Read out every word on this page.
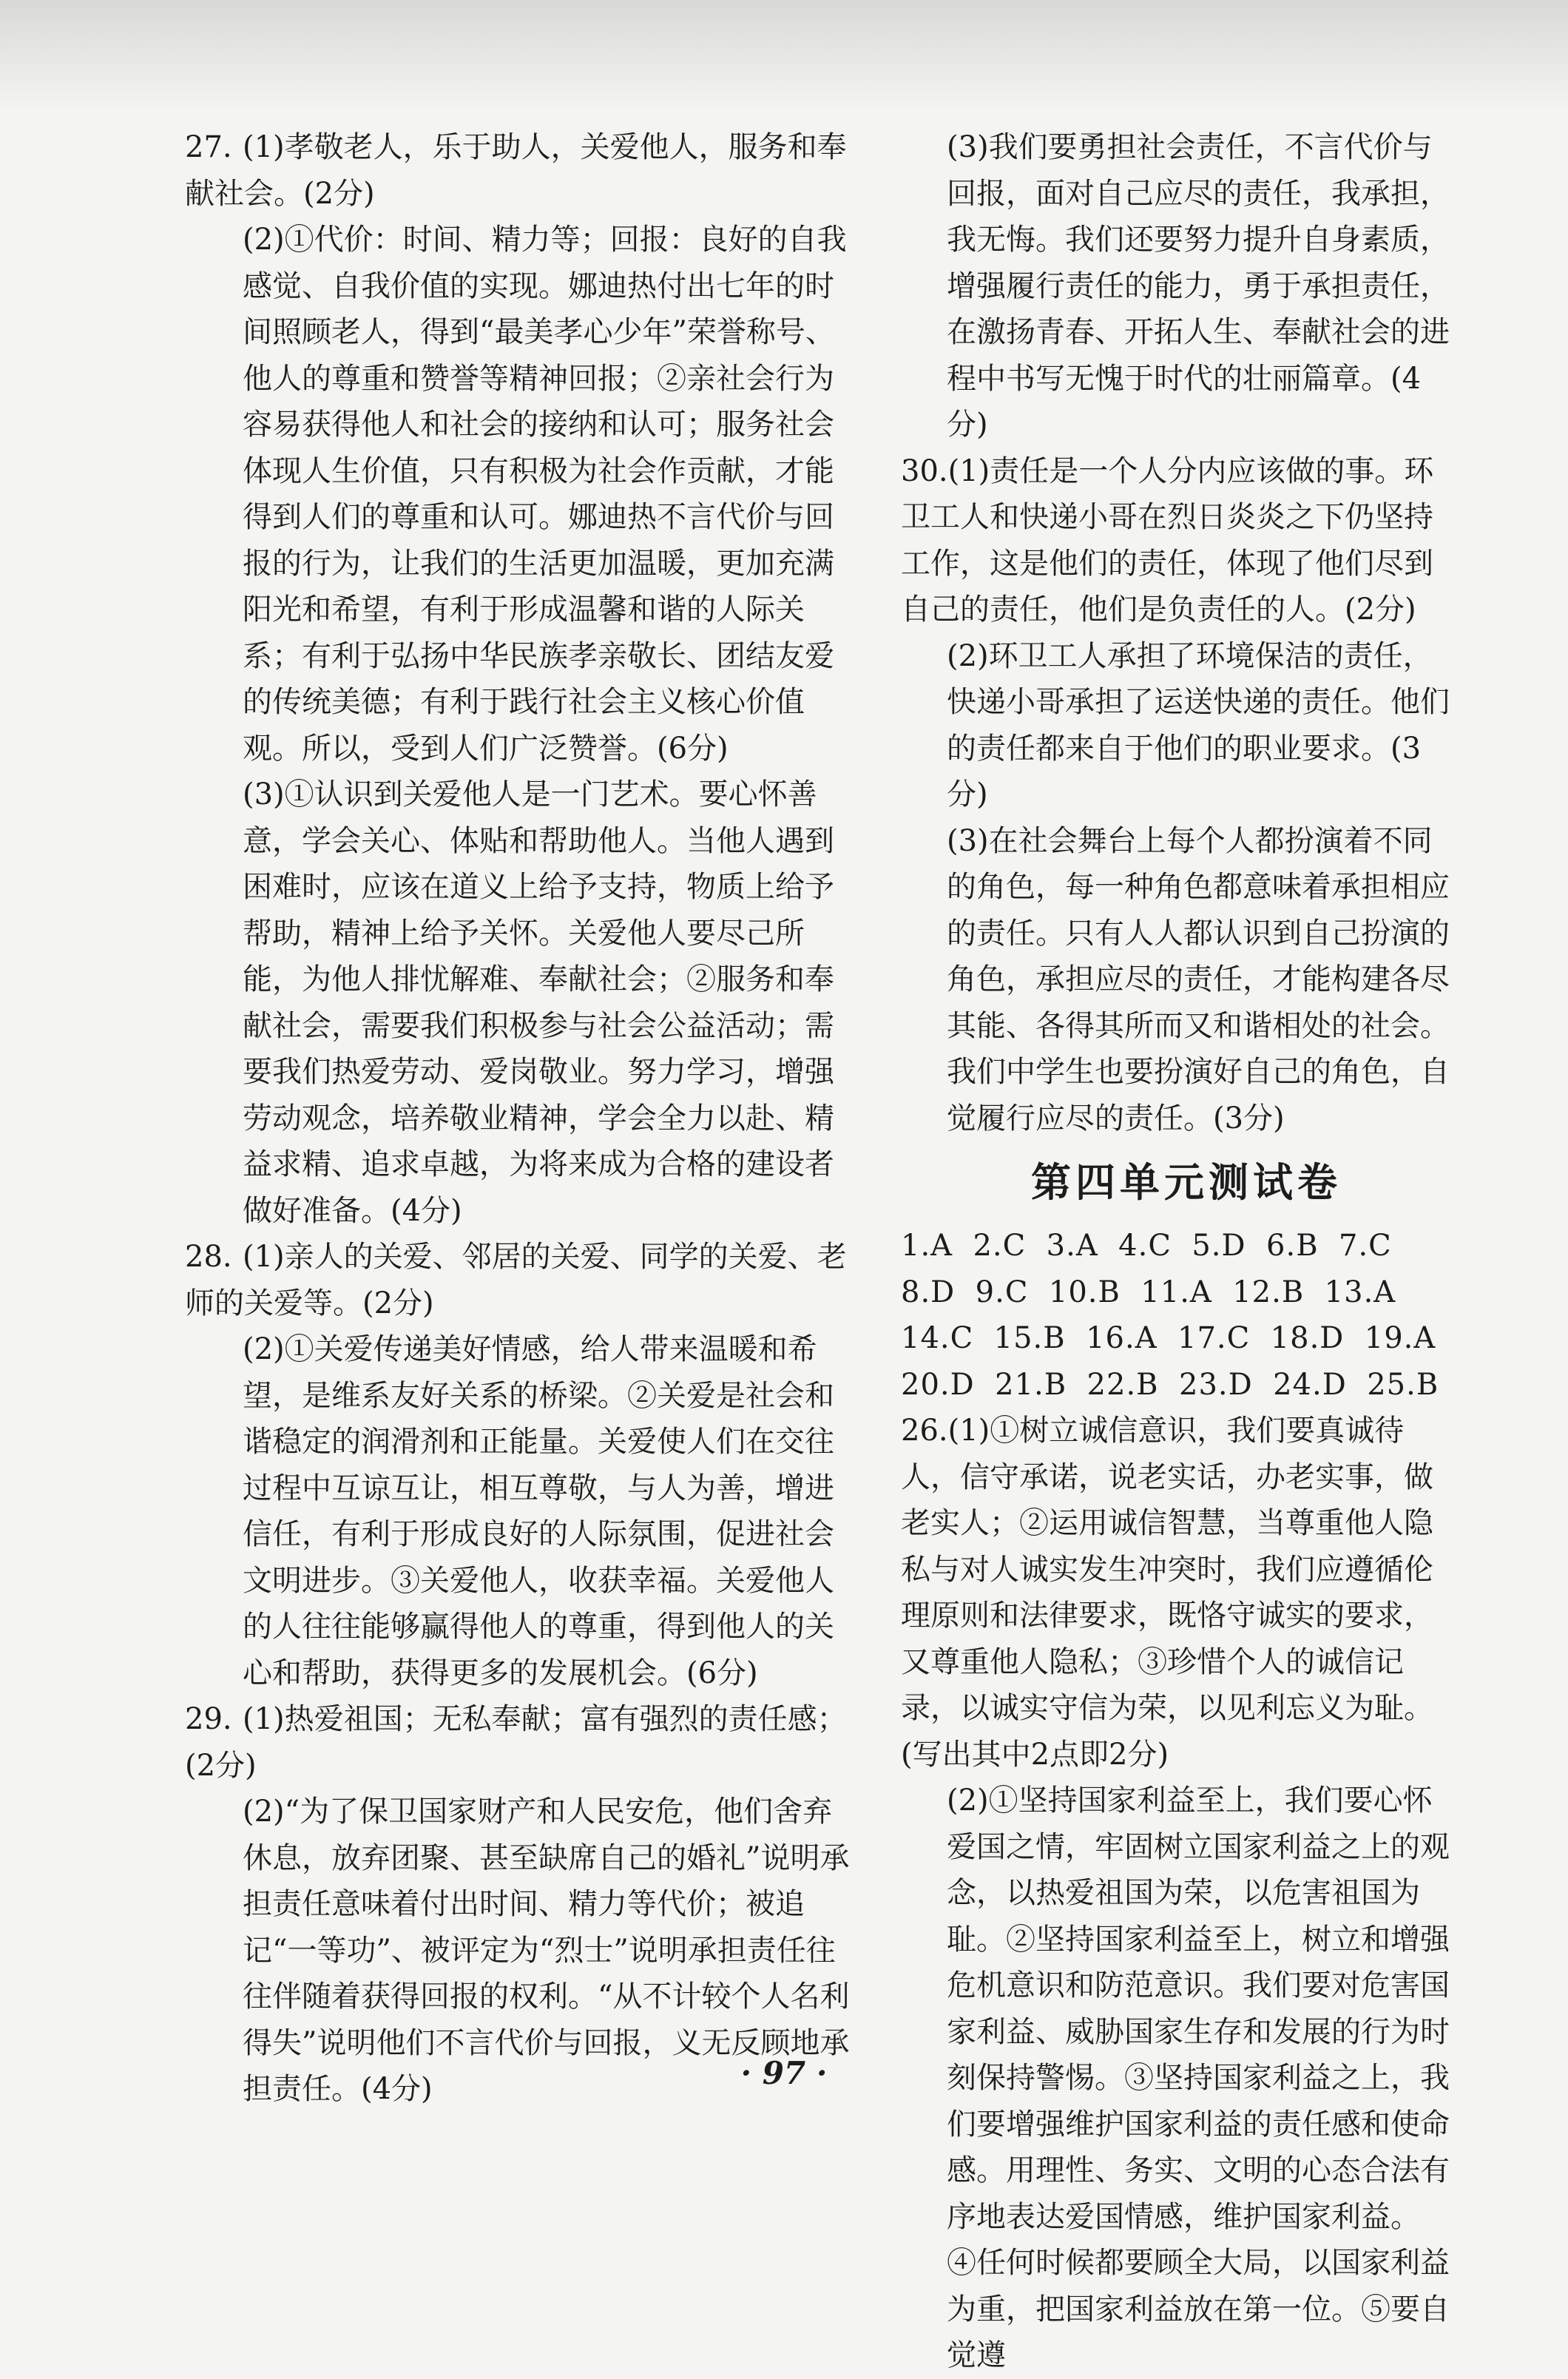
27. (1)孝敬老人，乐于助人，关爱他人，服务和奉献社会。(2分)
(2)①代价：时间、精力等；回报：良好的自我感觉、自我价值的实现。娜迪热付出七年的时间照顾老人，得到“最美孝心少年”荣誉称号、他人的尊重和赞誉等精神回报；②亲社会行为容易获得他人和社会的接纳和认可；服务社会体现人生价值，只有积极为社会作贡献，才能得到人们的尊重和认可。娜迪热不言代价与回报的行为，让我们的生活更加温暖，更加充满阳光和希望，有利于形成温馨和谐的人际关系；有利于弘扬中华民族孝亲敬长、团结友爱的传统美德；有利于践行社会主义核心价值观。所以，受到人们广泛赞誉。(6分)
(3)①认识到关爱他人是一门艺术。要心怀善意，学会关心、体贴和帮助他人。当他人遇到困难时，应该在道义上给予支持，物质上给予帮助，精神上给予关怀。关爱他人要尽己所能，为他人排忧解难、奉献社会；②服务和奉献社会，需要我们积极参与社会公益活动；需要我们热爱劳动、爱岗敬业。努力学习，增强劳动观念，培养敬业精神，学会全力以赴、精益求精、追求卓越，为将来成为合格的建设者做好准备。(4分)
28. (1)亲人的关爱、邻居的关爱、同学的关爱、老师的关爱等。(2分)
(2)①关爱传递美好情感，给人带来温暖和希望，是维系友好关系的桥梁。②关爱是社会和谐稳定的润滑剂和正能量。关爱使人们在交往过程中互谅互让，相互尊敬，与人为善，增进信任，有利于形成良好的人际氛围，促进社会文明进步。③关爱他人，收获幸福。关爱他人的人往往能够赢得他人的尊重，得到他人的关心和帮助，获得更多的发展机会。(6分)
29. (1)热爱祖国；无私奉献；富有强烈的责任感；(2分)
(2)“为了保卫国家财产和人民安危，他们舍弃休息，放弃团聚、甚至缺席自己的婚礼”说明承担责任意味着付出时间、精力等代价；被追记“一等功”、被评定为“烈士”说明承担责任往往伴随着获得回报的权利。“从不计较个人名利得失”说明他们不言代价与回报，义无反顾地承担责任。(4分)
(3)我们要勇担社会责任，不言代价与回报，面对自己应尽的责任，我承担，我无悔。我们还要努力提升自身素质，增强履行责任的能力，勇于承担责任，在激扬青春、开拓人生、奉献社会的进程中书写无愧于时代的壮丽篇章。(4分)
30.(1)责任是一个人分内应该做的事。环卫工人和快递小哥在烈日炎炎之下仍坚持工作，这是他们的责任，体现了他们尽到自己的责任，他们是负责任的人。(2分)
(2)环卫工人承担了环境保洁的责任，快递小哥承担了运送快递的责任。他们的责任都来自于他们的职业要求。(3分)
(3)在社会舞台上每个人都扮演着不同的角色，每一种角色都意味着承担相应的责任。只有人人都认识到自己扮演的角色，承担应尽的责任，才能构建各尽其能、各得其所而又和谐相处的社会。我们中学生也要扮演好自己的角色，自觉履行应尽的责任。(3分)
第四单元测试卷
1.A  2.C  3.A  4.C  5.D  6.B  7.C
8.D  9.C  10.B  11.A  12.B  13.A
14.C  15.B  16.A  17.C  18.D  19.A
20.D  21.B  22.B  23.D  24.D  25.B
26.(1)①树立诚信意识，我们要真诚待人，信守承诺，说老实话，办老实事，做老实人；②运用诚信智慧，当尊重他人隐私与对人诚实发生冲突时，我们应遵循伦理原则和法律要求，既恪守诚实的要求，又尊重他人隐私；③珍惜个人的诚信记录，以诚实守信为荣，以见利忘义为耻。(写出其中2点即2分)
(2)①坚持国家利益至上，我们要心怀爱国之情，牢固树立国家利益之上的观念，以热爱祖国为荣，以危害祖国为耻。②坚持国家利益至上，树立和增强危机意识和防范意识。我们要对危害国家利益、威胁国家生存和发展的行为时刻保持警惕。③坚持国家利益之上，我们要增强维护国家利益的责任感和使命感。用理性、务实、文明的心态合法有序地表达爱国情感，维护国家利益。
④任何时候都要顾全大局，以国家利益为重，把国家利益放在第一位。⑤要自觉遵
· 97 ·
